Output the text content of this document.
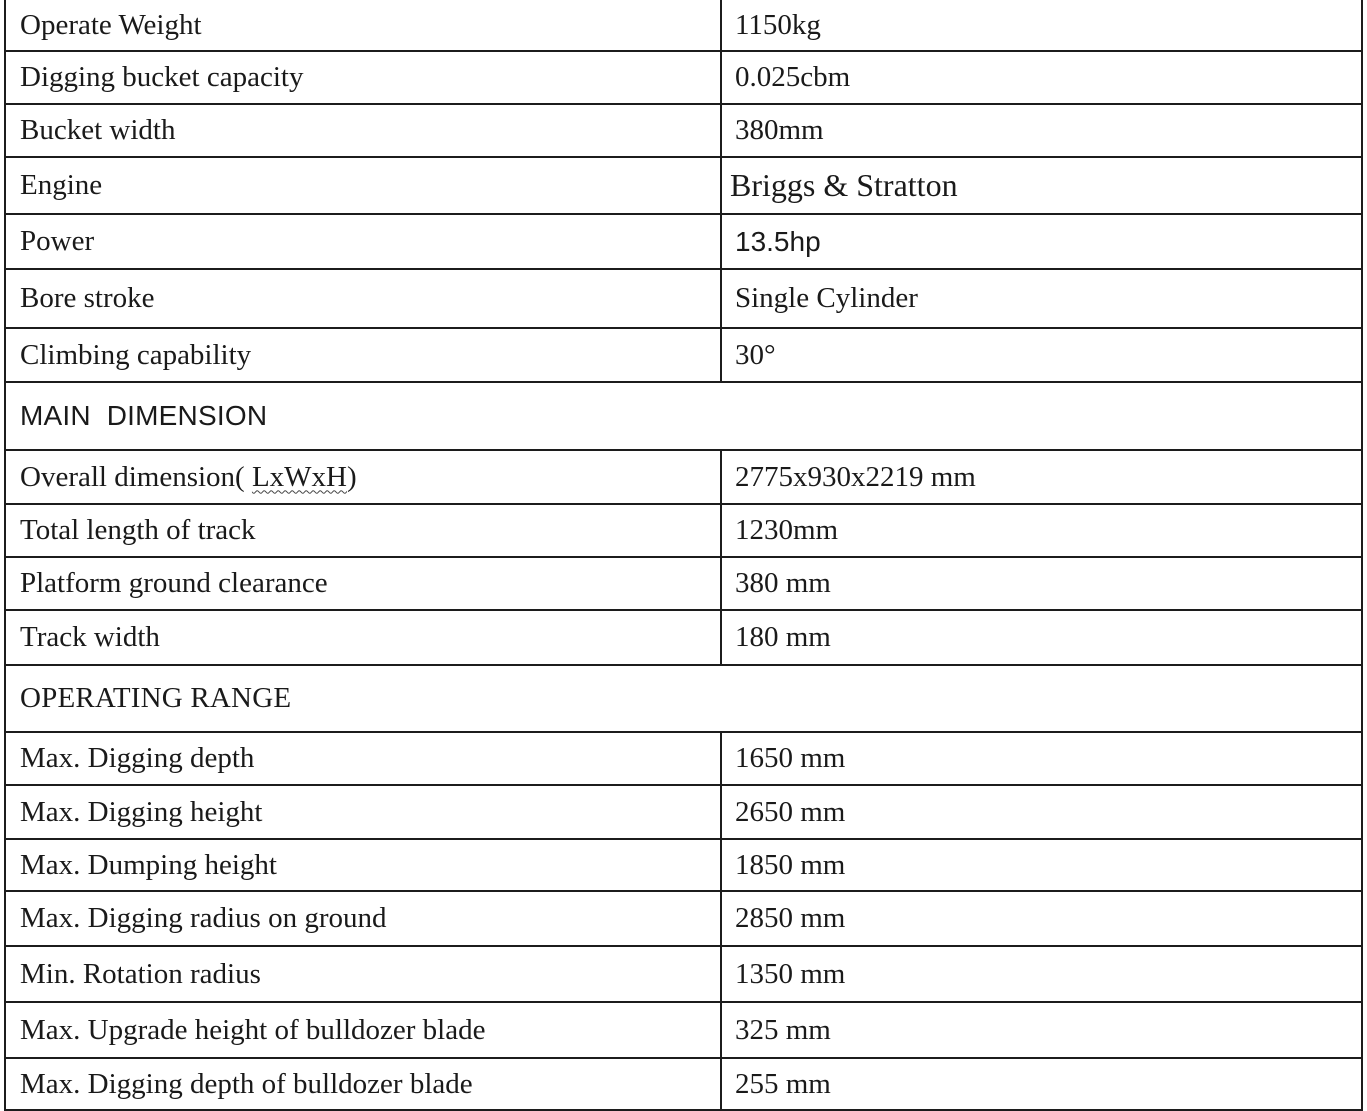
Operate Weight	1150kg
Digging bucket capacity	0.025cbm
Bucket width	380mm
Engine	Briggs & Stratton
Power	13.5hp
Bore stroke	Single Cylinder
Climbing capability	30°
MAIN  DIMENSION	
Overall dimension( LxWxH)	2775x930x2219 mm
Total length of track	1230mm
Platform ground clearance	380 mm
Track width	180 mm
OPERATING RANGE	
Max. Digging depth	1650 mm
Max. Digging height	2650 mm
Max. Dumping height	1850 mm
Max. Digging radius on ground	2850 mm
Min. Rotation radius	1350 mm
Max. Upgrade height of bulldozer blade	325 mm
Max. Digging depth of bulldozer blade	255 mm
